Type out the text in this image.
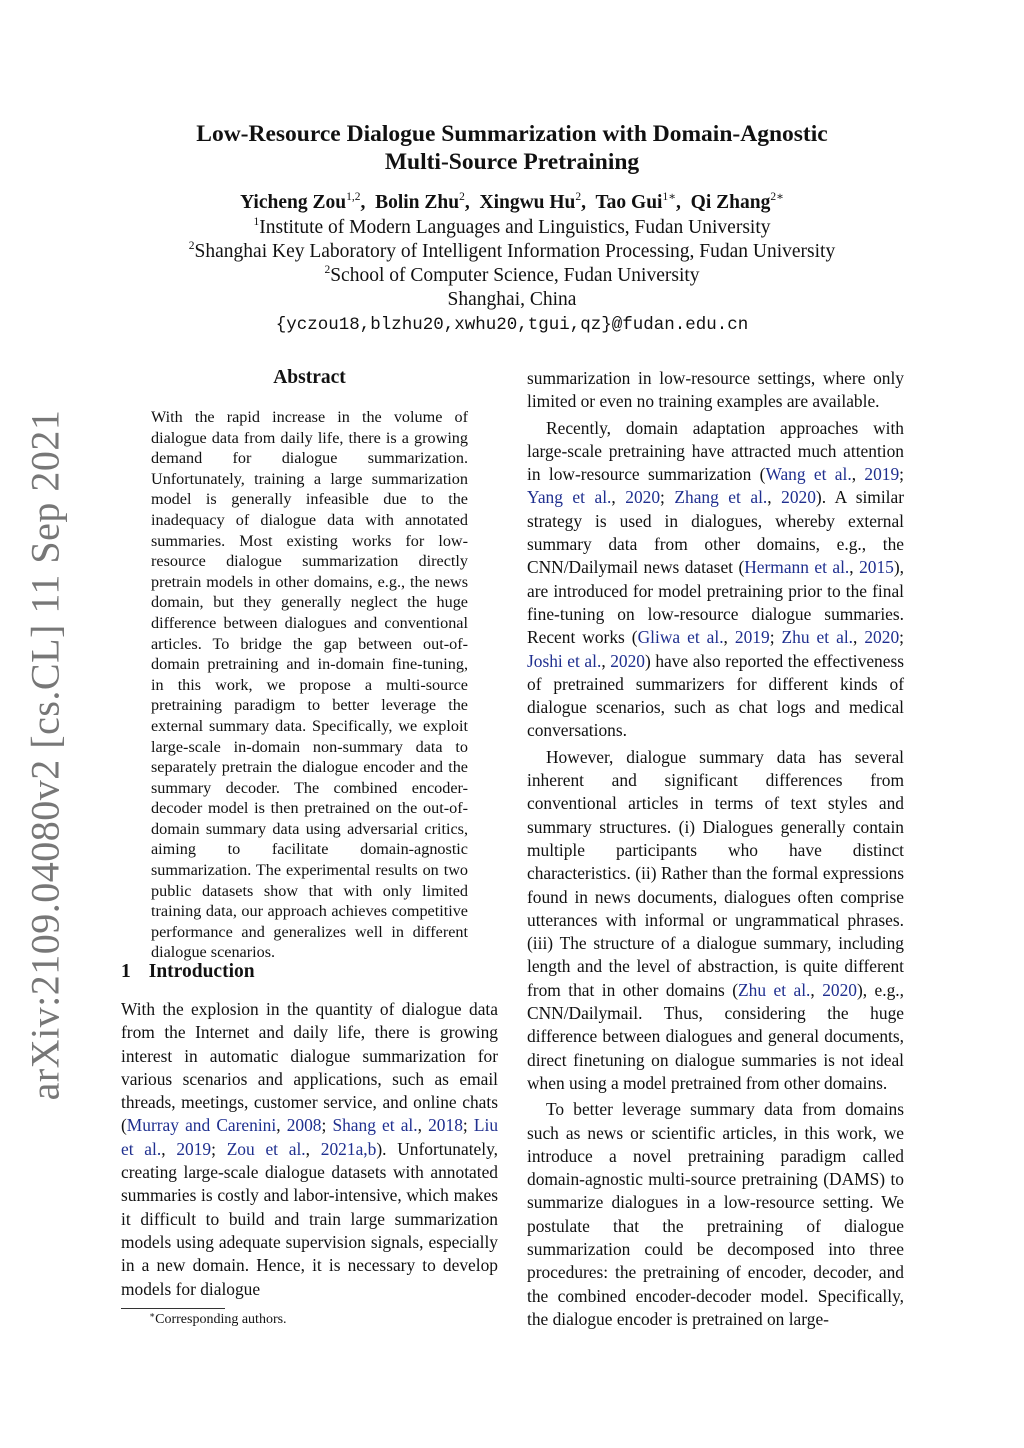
arXiv:2109.04080v2 [cs.CL] 11 Sep 2021
Low-Resource Dialogue Summarization with Domain-Agnostic
Multi-Source Pretraining
Yicheng Zou$^{1,2}$,  Bolin Zhu$^2$,  Xingwu Hu$^2$,  Tao Gui$^{1∗}$,  Qi Zhang$^{2∗}$
$^1$Institute of Modern Languages and Linguistics, Fudan University
$^2$Shanghai Key Laboratory of Intelligent Information Processing, Fudan University
$^2$School of Computer Science, Fudan University
Shanghai, China
{yczou18,blzhu20,xwhu20,tgui,qz}@fudan.edu.cn
Abstract
With the rapid increase in the volume of dialogue data from daily life, there is a growing demand for dialogue summarization. Unfortunately, training a large summarization model is generally infeasible due to the inadequacy of dialogue data with annotated summaries. Most existing works for low-resource dialogue summarization directly pretrain models in other domains, e.g., the news domain, but they generally neglect the huge difference between dialogues and conventional articles. To bridge the gap between out-of-domain pretraining and in-domain fine-tuning, in this work, we propose a multi-source pretraining paradigm to better leverage the external summary data. Specifically, we exploit large-scale in-domain non-summary data to separately pretrain the dialogue encoder and the summary decoder. The combined encoder-decoder model is then pretrained on the out-of-domain summary data using adversarial critics, aiming to facilitate domain-agnostic summarization. The experimental results on two public datasets show that with only limited training data, our approach achieves competitive performance and generalizes well in different dialogue scenarios.
1 Introduction
With the explosion in the quantity of dialogue data from the Internet and daily life, there is growing interest in automatic dialogue summarization for various scenarios and applications, such as email threads, meetings, customer service, and online chats (Murray and Carenini, 2008; Shang et al., 2018; Liu et al., 2019; Zou et al., 2021a,b). Unfortunately, creating large-scale dialogue datasets with annotated summaries is costly and labor-intensive, which makes it difficult to build and train large summarization models using adequate supervision signals, especially in a new domain. Hence, it is necessary to develop models for dialogue
∗Corresponding authors.

summarization in low-resource settings, where only limited or even no training examples are available.

Recently, domain adaptation approaches with large-scale pretraining have attracted much attention in low-resource summarization (Wang et al., 2019; Yang et al., 2020; Zhang et al., 2020). A similar strategy is used in dialogues, whereby external summary data from other domains, e.g., the CNN/Dailymail news dataset (Hermann et al., 2015), are introduced for model pretraining prior to the final fine-tuning on low-resource dialogue summaries. Recent works (Gliwa et al., 2019; Zhu et al., 2020; Joshi et al., 2020) have also reported the effectiveness of pretrained summarizers for different kinds of dialogue scenarios, such as chat logs and medical conversations.

However, dialogue summary data has several inherent and significant differences from conventional articles in terms of text styles and summary structures. (i) Dialogues generally contain multiple participants who have distinct characteristics. (ii) Rather than the formal expressions found in news documents, dialogues often comprise utterances with informal or ungrammatical phrases. (iii) The structure of a dialogue summary, including length and the level of abstraction, is quite different from that in other domains (Zhu et al., 2020), e.g., CNN/Dailymail. Thus, considering the huge difference between dialogues and general documents, direct finetuning on dialogue summaries is not ideal when using a model pretrained from other domains.

To better leverage summary data from domains such as news or scientific articles, in this work, we introduce a novel pretraining paradigm called domain-agnostic multi-source pretraining (DAMS) to summarize dialogues in a low-resource setting. We postulate that the pretraining of dialogue summarization could be decomposed into three procedures: the pretraining of encoder, decoder, and the combined encoder-decoder model. Specifically, the dialogue encoder is pretrained on large-
